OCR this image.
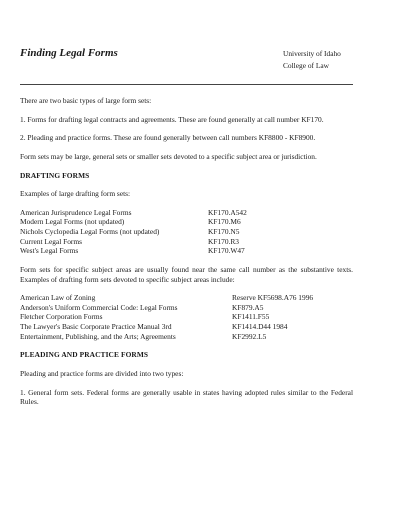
Finding Legal Forms	University of Idaho
College of Law

There are two basic types of large form sets:

1. Forms for drafting legal contracts and agreements. These are found generally at call number KF170.

2. Pleading and practice forms. These are found generally between call numbers KF8800 - KF8900.

Form sets may be large, general sets or smaller sets devoted to a specific subject area or jurisdiction.

DRAFTING FORMS

Examples of large drafting form sets:

American Jurisprudence Legal Forms	KF170.A542
Modern Legal Forms (not updated)	KF170.M6
Nichols Cyclopedia Legal Forms (not updated)	KF170.N5
Current Legal Forms	KF170.R3
West's Legal Forms	KF170.W47

Form sets for specific subject areas are usually found near the same call number as the substantive texts. Examples of drafting form sets devoted to specific subject areas include:

American Law of Zoning	Reserve KF5698.A76 1996
Anderson's Uniform Commercial Code: Legal Forms	KF879.A5
Fletcher Corporation Forms	KF1411.F55
The Lawyer's Basic Corporate Practice Manual 3rd	KF1414.D44 1984
Entertainment, Publishing, and the Arts; Agreements	KF2992.L5
PLEADING AND PRACTICE FORMS

Pleading and practice forms are divided into two types:

1. General form sets. Federal forms are generally usable in states having adopted rules similar to the Federal Rules.
